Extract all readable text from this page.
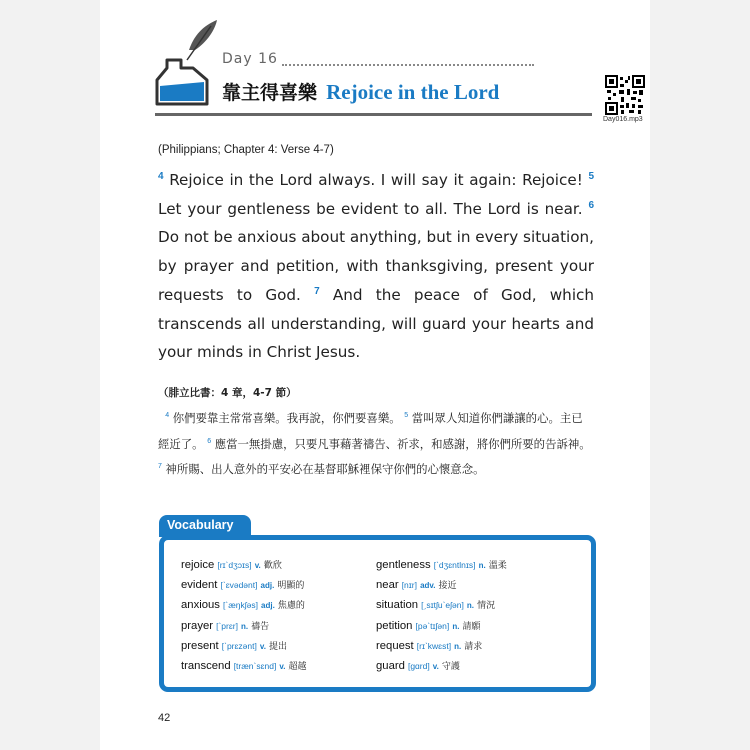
Day 16
靠主得喜樂 Rejoice in the Lord
Day016.mp3
(Philippians; Chapter 4: Verse 4-7)
$^4$ Rejoice in the Lord always. I will say it again: Rejoice! $^5$ Let your gentleness be evident to all. The Lord is near. $^6$ Do not be anxious about anything, but in every situation, by prayer and petition, with thanksgiving, present your requests to God. $^7$ And the peace of God, which transcends all understanding, will guard your hearts and your minds in Christ Jesus.
（腓立比書：4 章，4-7 節）
$^4$ 你們要靠主常常喜樂。我再說，你們要喜樂。 $^5$ 當叫眾人知道你們謙讓的心。主已經近了。 $^6$ 應當一無掛慮，只要凡事藉著禱告、祈求，和感謝，將你們所要的告訴神。 $^7$ 神所賜、出人意外的平安必在基督耶穌裡保守你們的心懷意念。
Vocabulary
rejoice [rɪˋdʒɔɪs] v. 歡欣
evident [ˋɛvədənt] adj. 明顯的
anxious [ˋæŋkʃəs] adj. 焦慮的
prayer [ˋprɛr] n. 禱告
present [ˋprɛzənt] v. 提出
transcend [trænˋsɛnd] v. 超越
gentleness [ˋdʒɛntlnɪs] n. 溫柔
near [nɪr] adv. 接近
situation [ˏsɪtʃuˋeʃən] n. 情況
petition [pəˋtɪʃən] n. 請願
request [rɪˋkwɛst] n. 請求
guard [gɑrd] v. 守護
42
